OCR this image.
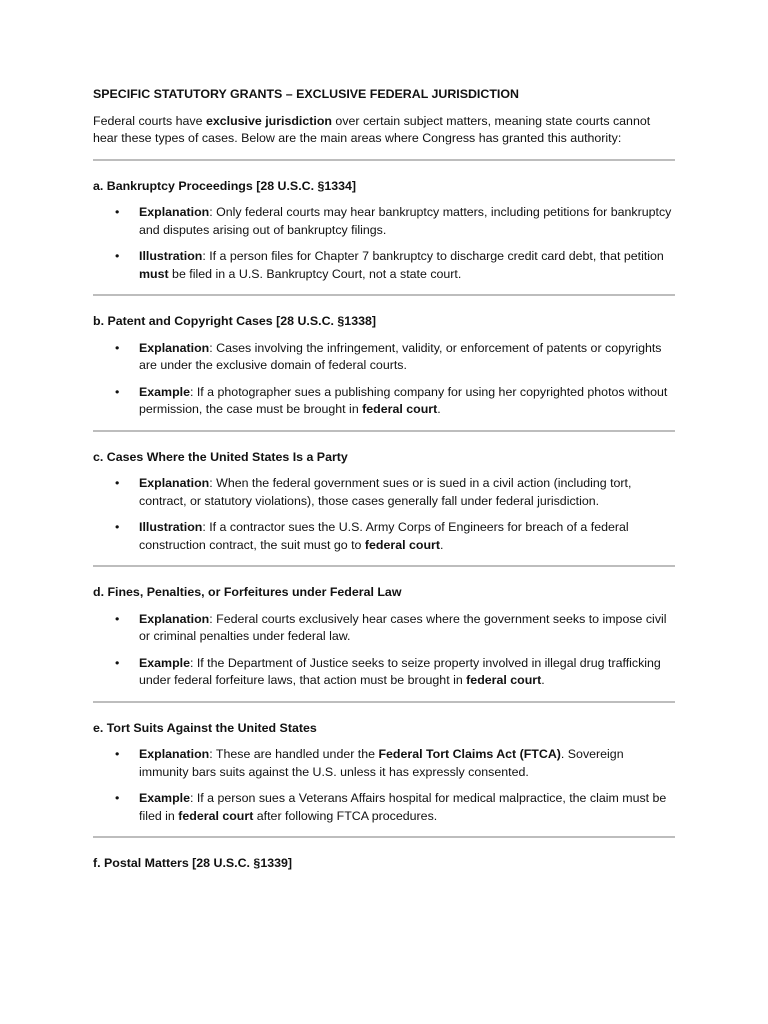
SPECIFIC STATUTORY GRANTS – EXCLUSIVE FEDERAL JURISDICTION

Federal courts have exclusive jurisdiction over certain subject matters, meaning state courts cannot hear these types of cases. Below are the main areas where Congress has granted this authority:

a. Bankruptcy Proceedings [28 U.S.C. §1334]
• Explanation: Only federal courts may hear bankruptcy matters, including petitions for bankruptcy and disputes arising out of bankruptcy filings.
• Illustration: If a person files for Chapter 7 bankruptcy to discharge credit card debt, that petition must be filed in a U.S. Bankruptcy Court, not a state court.
b. Patent and Copyright Cases [28 U.S.C. §1338]
• Explanation: Cases involving the infringement, validity, or enforcement of patents or copyrights are under the exclusive domain of federal courts.
• Example: If a photographer sues a publishing company for using her copyrighted photos without permission, the case must be brought in federal court.
c. Cases Where the United States Is a Party
• Explanation: When the federal government sues or is sued in a civil action (including tort, contract, or statutory violations), those cases generally fall under federal jurisdiction.
• Illustration: If a contractor sues the U.S. Army Corps of Engineers for breach of a federal construction contract, the suit must go to federal court.
d. Fines, Penalties, or Forfeitures under Federal Law
• Explanation: Federal courts exclusively hear cases where the government seeks to impose civil or criminal penalties under federal law.
• Example: If the Department of Justice seeks to seize property involved in illegal drug trafficking under federal forfeiture laws, that action must be brought in federal court.
e. Tort Suits Against the United States
• Explanation: These are handled under the Federal Tort Claims Act (FTCA). Sovereign immunity bars suits against the U.S. unless it has expressly consented.
• Example: If a person sues a Veterans Affairs hospital for medical malpractice, the claim must be filed in federal court after following FTCA procedures.
f. Postal Matters [28 U.S.C. §1339]
